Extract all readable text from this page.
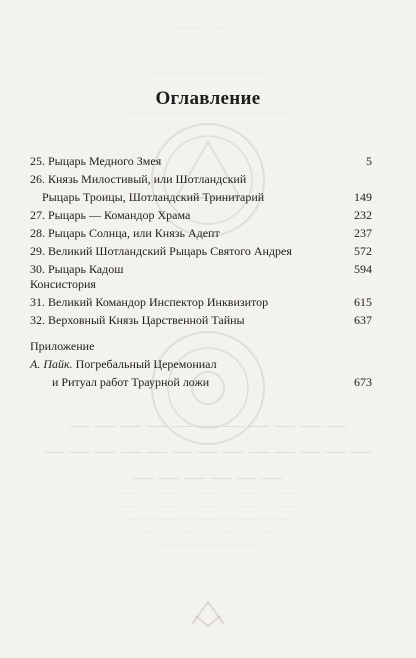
— — — — —
— — — — — — — — — —
— — — — — — — — — — — — — —
— — — — — — — — — — —
— — — — — — — — — — — — —
— — — — — —
— — — — — — — — — — — — — — — — — —
— — — — — — — — — — — — — — — — — —
— — — — — — — — — — — — — — — —
— — — — — — — — — — — — —
— — — — — — — — — —
Оглавление
25. Рыцарь Медного Змея	5
26. Князь Милостивый, или Шотландский
Рыцарь Троицы, Шотландский Тринитарий	149
27. Рыцарь — Командор Храма	232
28. Рыцарь Солнца, или Князь Адепт	237
29. Великий Шотландский Рыцарь Святого Андрея	572
30. Рыцарь Кадош	594
Консистория
31. Великий Командор Инспектор Инквизитор	615
32. Верховный Князь Царственной Тайны	637
Приложение
А. Пайк. Погребальный Церемониал
и Ритуал работ Траурной ложи	673
